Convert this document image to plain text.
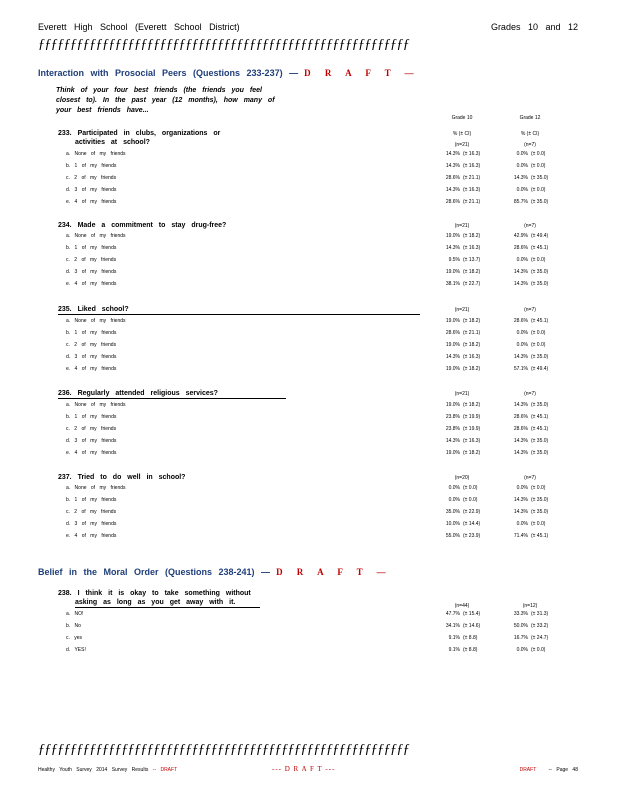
Everett High School (Everett School District)	Grades 10 and 12
ƒƒƒƒƒƒƒƒƒƒƒƒƒƒƒƒƒƒƒƒƒƒƒƒƒƒƒƒƒƒƒƒƒƒƒƒƒƒƒƒƒƒƒƒƒƒƒƒƒƒƒƒƒƒƒƒƒƒ
Interaction with Prosocial Peers (Questions 233-237) — D R A F T —
Think of your four best friends (the friends you feel closest to). In the past year (12 months), how many of your best friends have...
Grade 10	Grade 12
% (± CI)	% (± CI)
233. Participated in clubs, organizations or
activities at school?	(n=21)	(n=7)
a. None of my friends	14.3% (± 16.3)	0.0% (± 0.0)
b. 1 of my friends	14.3% (± 16.3)	0.0% (± 0.0)
c. 2 of my friends	28.6% (± 21.1)	14.3% (± 35.0)
d. 3 of my friends	14.3% (± 16.3)	0.0% (± 0.0)
e. 4 of my friends	28.6% (± 21.1)	85.7% (± 35.0)
234. Made a commitment to stay drug-free?	(n=21)	(n=7)
a. None of my friends	19.0% (± 18.2)	42.9% (± 49.4)
b. 1 of my friends	14.3% (± 16.3)	28.6% (± 45.1)
c. 2 of my friends	9.5% (± 13.7)	0.0% (± 0.0)
d. 3 of my friends	19.0% (± 18.2)	14.3% (± 35.0)
e. 4 of my friends	38.1% (± 22.7)	14.3% (± 35.0)
235. Liked school?	(n=21)	(n=7)
a. None of my friends	19.0% (± 18.2)	28.6% (± 45.1)
b. 1 of my friends	28.6% (± 21.1)	0.0% (± 0.0)
c. 2 of my friends	19.0% (± 18.2)	0.0% (± 0.0)
d. 3 of my friends	14.3% (± 16.3)	14.3% (± 35.0)
e. 4 of my friends	19.0% (± 18.2)	57.1% (± 49.4)
236. Regularly attended religious services?	(n=21)	(n=7)
a. None of my friends	19.0% (± 18.2)	14.3% (± 35.0)
b. 1 of my friends	23.8% (± 19.9)	28.6% (± 45.1)
c. 2 of my friends	23.8% (± 19.9)	28.6% (± 45.1)
d. 3 of my friends	14.3% (± 16.3)	14.3% (± 35.0)
e. 4 of my friends	19.0% (± 18.2)	14.3% (± 35.0)
237. Tried to do well in school?	(n=20)	(n=7)
a. None of my friends	0.0% (± 0.0)	0.0% (± 0.0)
b. 1 of my friends	0.0% (± 0.0)	14.3% (± 35.0)
c. 2 of my friends	35.0% (± 22.9)	14.3% (± 35.0)
d. 3 of my friends	10.0% (± 14.4)	0.0% (± 0.0)
e. 4 of my friends	55.0% (± 23.9)	71.4% (± 45.1)
Belief in the Moral Order (Questions 238-241) — D R A F T —
238. I think it is okay to take something without
asking as long as you get away with it.	(n=44)	(n=12)
a. NO!	47.7% (± 15.4)	33.3% (± 31.3)
b. No	34.1% (± 14.6)	50.0% (± 33.2)
c. yes	9.1% (± 8.8)	16.7% (± 24.7)
d. YES!	9.1% (± 8.8)	0.0% (± 0.0)
ƒƒƒƒƒƒƒƒƒƒƒƒƒƒƒƒƒƒƒƒƒƒƒƒƒƒƒƒƒƒƒƒƒƒƒƒƒƒƒƒƒƒƒƒƒƒƒƒƒƒƒƒƒƒƒƒƒƒ
Healthy Youth Survey 2014 Survey Results -- DRAFT	--- D R A F T ---	DRAFT -- Page 48
